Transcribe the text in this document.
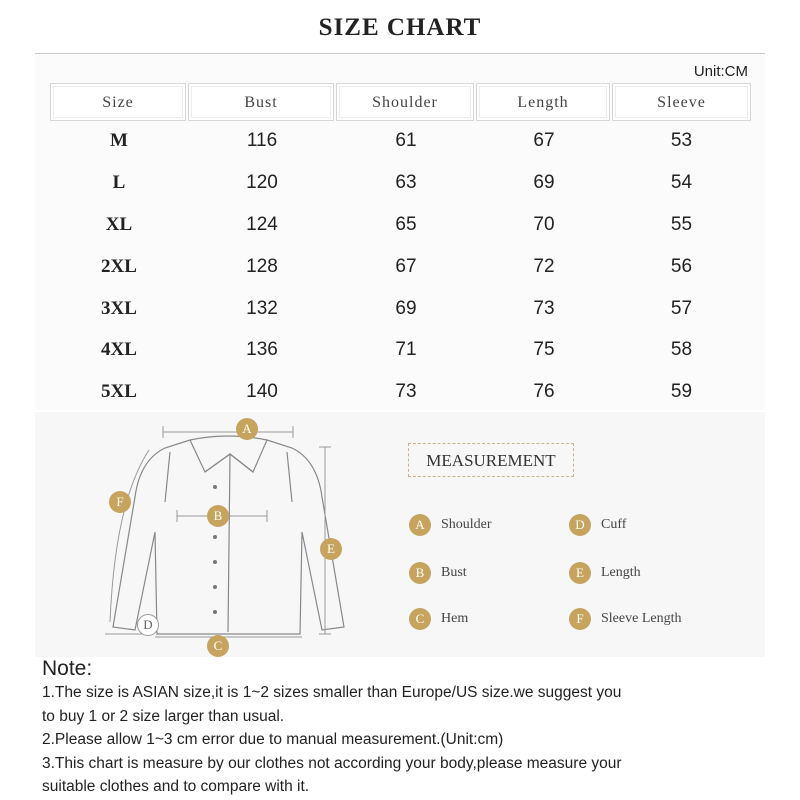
SIZE CHART
Unit:CM
Size	Bust	Shoulder	Length	Sleeve
M	116	61	67	53
L	120	63	69	54
XL	124	65	70	55
2XL	128	67	72	56
3XL	132	69	73	57
4XL	136	71	75	58
5XL	140	73	76	59
A
B
C
D
E
F
MEASUREMENT
A Shoulder
B Bust
C Hem
D Cuff
E Length
F Sleeve Length
Note:
1.The size is ASIAN size,it is 1~2 sizes smaller than Europe/US size.we suggest you
to buy 1 or 2 size larger than usual.
2.Please allow 1~3 cm error due to manual measurement.(Unit:cm)
3.This chart is measure by our clothes not according your body,please measure your
suitable clothes and to compare with it.
